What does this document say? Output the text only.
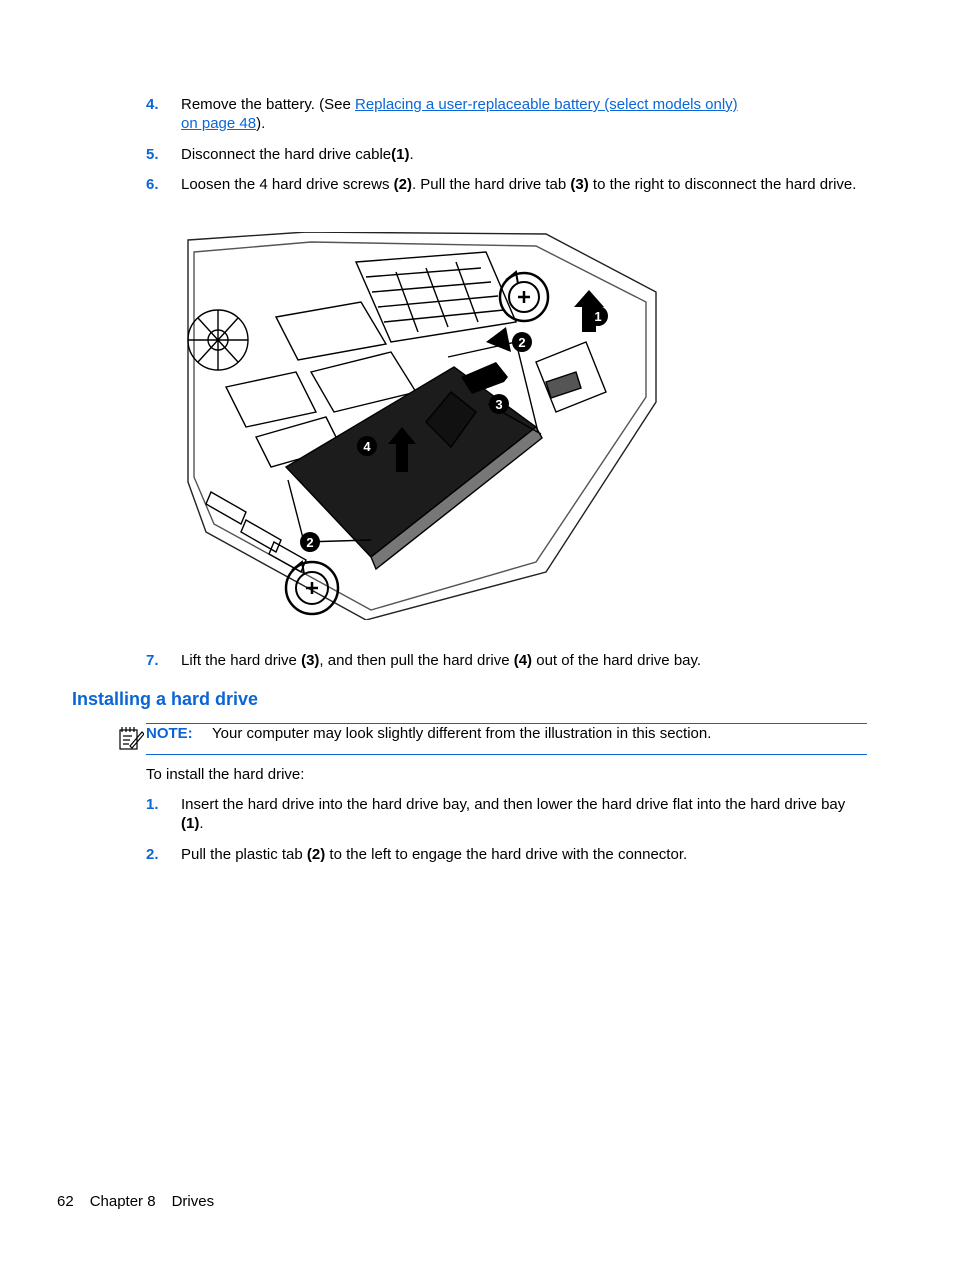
4. Remove the battery. (See Replacing a user-replaceable battery (select models only)
on page 48).
5. Disconnect the hard drive cable(1).
6. Loosen the 4 hard drive screws (2). Pull the hard drive tab (3) to the right to disconnect the hard drive.
1
2
3
4
2
7. Lift the hard drive (3), and then pull the hard drive (4) out of the hard drive bay.
Installing a hard drive
NOTE: Your computer may look slightly different from the illustration in this section.
To install the hard drive:
1. Insert the hard drive into the hard drive bay, and then lower the hard drive flat into the hard drive bay (1).
2. Pull the plastic tab (2) to the left to engage the hard drive with the connector.
62 Chapter 8 Drives
